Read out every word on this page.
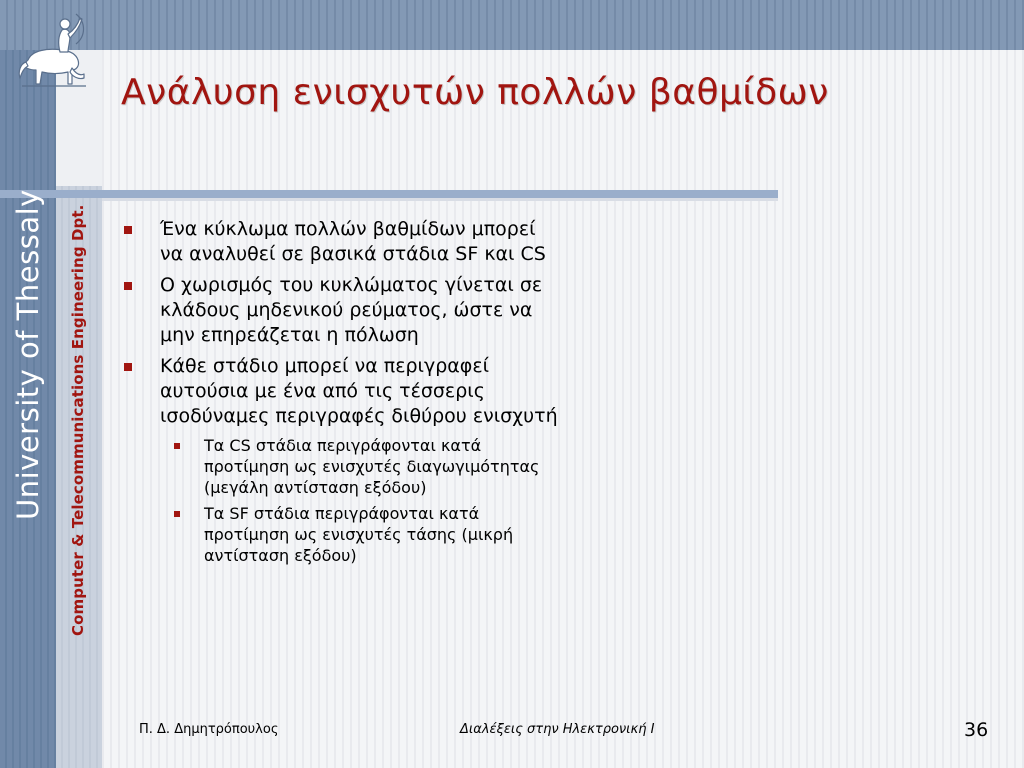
Ανάλυση ενισχυτών πολλών βαθμίδων
University of Thessaly Computer & Telecommunications Engineering Dpt.	Ένα κύκλωμα πολλών βαθμίδων μπορεί να αναλυθεί σε βασικά στάδια SF και CS
Ο χωρισμός του κυκλώματος γίνεται σε κλάδους μηδενικού ρεύματος, ώστε να μην επηρεάζεται η πόλωση
Κάθε στάδιο μπορεί να περιγραφεί αυτούσια με ένα από τις τέσσερις ισοδύναμες περιγραφές διθύρου ενισχυτή
Τα CS στάδια περιγράφονται κατά προτίμηση ως ενισχυτές διαγωγιμότητας (μεγάλη αντίσταση εξόδου)
Τα SF στάδια περιγράφονται κατά προτίμηση ως ενισχυτές τάσης (μικρή αντίσταση εξόδου)
Π. Δ. Δημητρόπουλος	Διαλέξεις στην Ηλεκτρονική Ι	36
